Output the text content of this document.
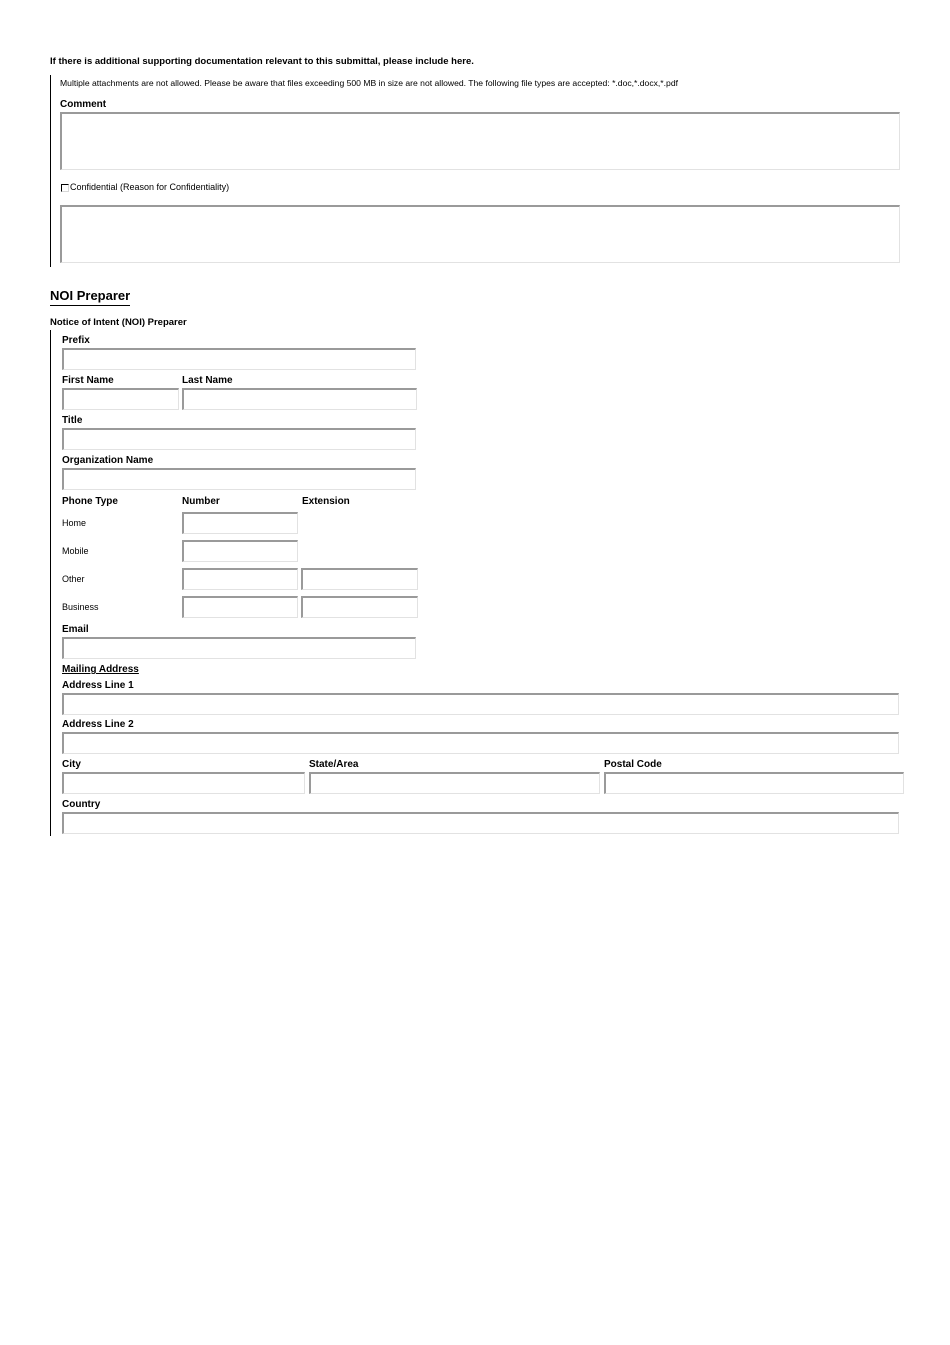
If there is additional supporting documentation relevant to this submittal, please include here.
Multiple attachments are not allowed. Please be aware that files exceeding 500 MB in size are not allowed. The following file types are accepted: *.doc,*.docx,*.pdf
Comment
Confidential (Reason for Confidentiality)
NOI Preparer
Notice of Intent (NOI) Preparer
Prefix
First Name	Last Name
Title
Organization Name
Phone Type	Number	Extension
Home
Mobile
Other
Business
Email
Mailing Address
Address Line 1
Address Line 2
City	State/Area	Postal Code
Country
